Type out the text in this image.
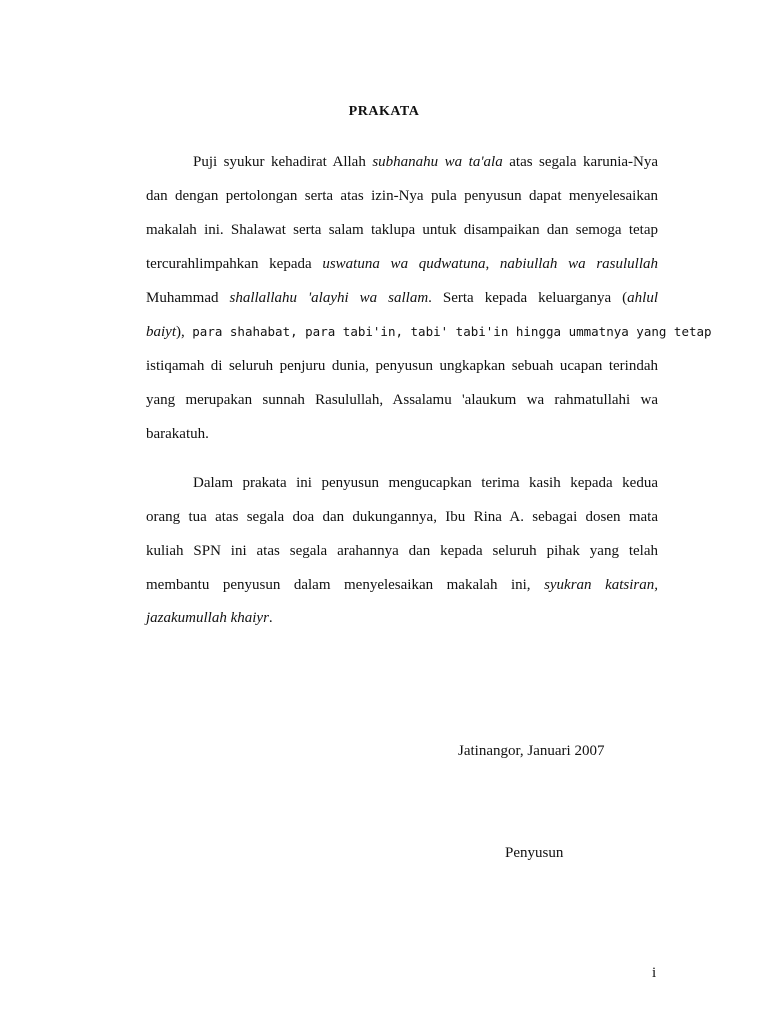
PRAKATA
Puji syukur kehadirat Allah subhanahu wa ta'ala atas segala karunia-Nya
dan dengan pertolongan serta atas izin-Nya pula penyusun dapat menyelesaikan
makalah ini. Shalawat serta salam taklupa untuk disampaikan dan semoga tetap
tercurahlimpahkan kepada uswatuna wa qudwatuna, nabiullah wa rasulullah
Muhammad shallallahu 'alayhi wa sallam. Serta kepada keluarganya (ahlul
baiyt), para shahabat, para tabi'in, tabi' tabi'in hingga ummatnya yang tetap
istiqamah di seluruh penjuru dunia, penyusun ungkapkan sebuah ucapan terindah
yang merupakan sunnah Rasulullah, Assalamu 'alaukum wa rahmatullahi wa
barakatuh.
Dalam prakata ini penyusun mengucapkan terima kasih kepada kedua
orang tua atas segala doa dan dukungannya, Ibu Rina A. sebagai dosen mata
kuliah SPN ini atas segala arahannya dan kepada seluruh pihak yang telah
membantu penyusun dalam menyelesaikan makalah ini, syukran katsiran,
jazakumullah khaiyr.
Jatinangor, Januari 2007
Penyusun
i
